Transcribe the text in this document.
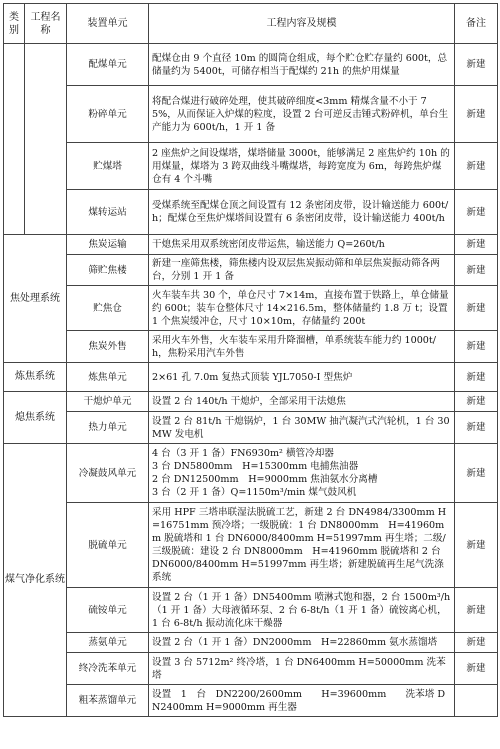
类别	工程名称	装置单元	工程内容及规模	备注
		配煤单元	配煤仓由 9 个直径 10m 的圆筒仓组成，每个贮仓贮存量约 600t，总储量约为 5400t，可储存相当于配煤约 21h 的焦炉用煤量	新建
		粉碎单元	将配合煤进行破碎处理，使其破碎细度<3mm 精煤含量不小于 75%，从而保证入炉煤的粒度，设置 2 台可逆反击锤式粉碎机，单台生产能力为 600t/h，1 开 1 备	新建
		贮煤塔	2 座焦炉之间设煤塔，煤塔储量 3000t，能够满足 2 座焦炉约 10h 的用煤量，煤塔为 3 跨双曲线斗嘴煤塔，每跨宽度为 6m，每跨焦炉煤仓有 4 个斗嘴	新建
		煤转运站	受煤系统至配煤仓顶之间设置有 12 条密闭皮带，设计输送能力 600t/h；配煤仓至焦炉煤塔间设置有 6 条密闭皮带，设计输送能力 400t/h	新建
焦处理系统		焦炭运输	干熄焦采用双系统密闭皮带运焦，输送能力 Q=260t/h	新建
		筛贮焦楼	新建一座筛焦楼，筛焦楼内设双层焦炭振动筛和单层焦炭振动筛各两台，分别 1 开 1 备	新建
		贮焦仓	火车装车共 30 个，单仓尺寸 7×14m，直接布置于铁路上，单仓储量约 600t；装车仓整体尺寸 14×216.5m，整体储量约 1.8 万 t；设置 1 个焦炭缓冲仓，尺寸 10×10m，存储量约 200t	新建
		焦炭外售	采用火车外售，火车装车采用升降溜槽，单系统装车能力约 1000t/h，焦粉采用汽车外售	新建
炼焦系统		炼焦单元	2×61 孔 7.0m 复热式顶装 YJL7050-I 型焦炉	新建
熄焦系统		干熄炉单元	设置 2 台 140t/h 干熄炉，全部采用干法熄焦	新建
		热力单元	设置 2 台 81t/h 干熄锅炉，1 台 30MW 抽汽凝汽式汽轮机，1 台 30MW 发电机	新建
煤气净化系统		冷凝鼓风单元	4 台（3 开 1 备）FN6930m² 横管冷却器
3 台 DN5800mm　H=15300mm 电捕焦油器
2 台 DN12500mm　H=9000mm 焦油氨水分离槽
3 台（2 开 1 备）Q=1150m³/min 煤气鼓风机	新建
		脱硫单元	采用 HPF 三塔串联湿法脱硫工艺，新建 2 台 DN4984/3300mm H=16751mm 预冷塔；一级脱硫：1 台 DN8000mm　H=41960mm 脱硫塔和 1 台 DN6000/8400mm H=51997mm 再生塔；二级/三级脱硫：建设 2 台 DN8000mm　H=41960mm 脱硫塔和 2 台 DN6000/8400mm H=51997mm 再生塔；新建脱硫再生尾气洗涤系统	新建
		硫铵单元	设置 2 台（1 开 1 备）DN5400mm 喷淋式饱和器，2 台 1500m³/h（1 开 1 备）大母液循环泵、2 台 6-8t/h（1 开 1 备）硫铵离心机，1 台 6-8t/h 振动流化床干燥器	新建
		蒸氨单元	设置 2 台（1 开 1 备）DN2000mm　H=22860mm 氨水蒸馏塔	新建
		终冷洗苯单元	设置 3 台 5712m² 终冷塔，1 台 DN6400mm H=50000mm 洗苯塔	新建
		粗苯蒸馏单元	设置　1　台　DN2200/2600mm　　H=39600mm　　洗苯塔 DN2400mm H=9000mm 再生器	
